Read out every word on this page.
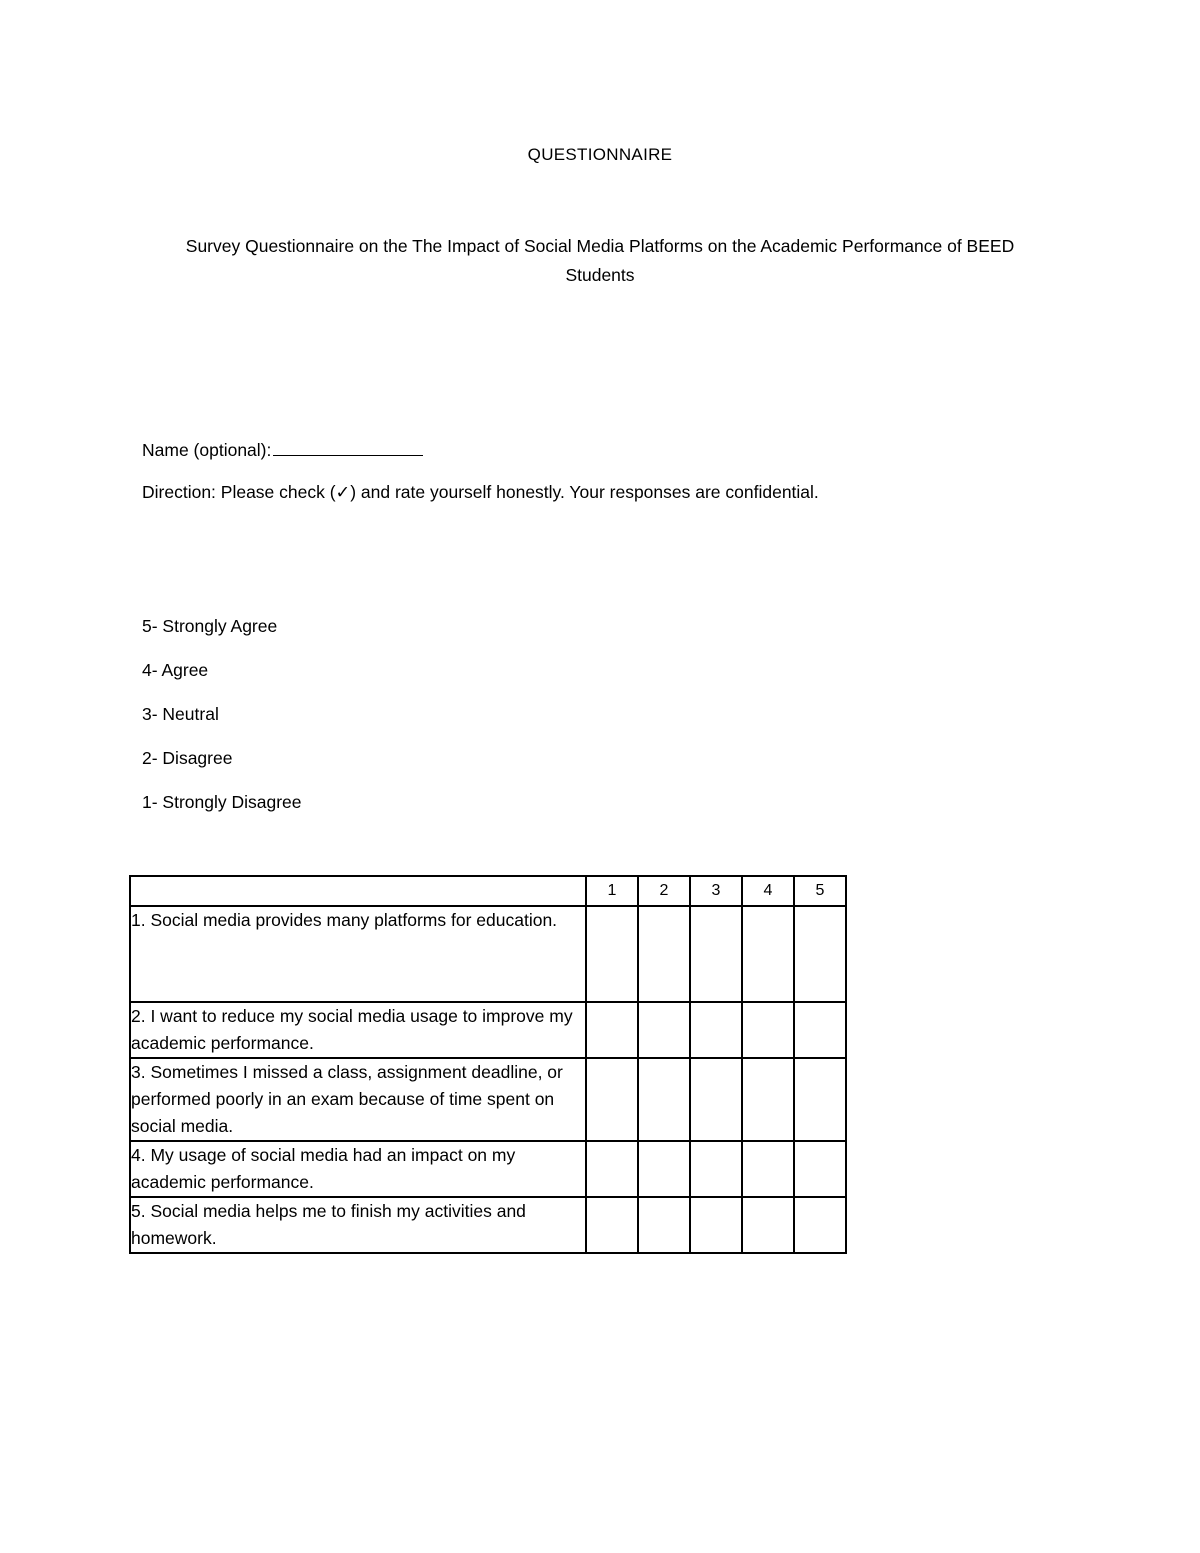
QUESTIONNAIRE
Survey Questionnaire on the The Impact of Social Media Platforms on the Academic Performance of BEED Students
Name (optional):
Direction: Please check (✓) and rate yourself honestly. Your responses are confidential.
5- Strongly Agree
4- Agree
3- Neutral
2- Disagree
1- Strongly Disagree
	1	2	3	4	5
1. Social media provides many platforms for education.					
2. I want to reduce my social media usage to improve my academic performance.					
3. Sometimes I missed a class, assignment deadline, or performed poorly in an exam because of time spent on social media.					
4. My usage of social media had an impact on my academic performance.					
5. Social media helps me to finish my activities and homework.					
